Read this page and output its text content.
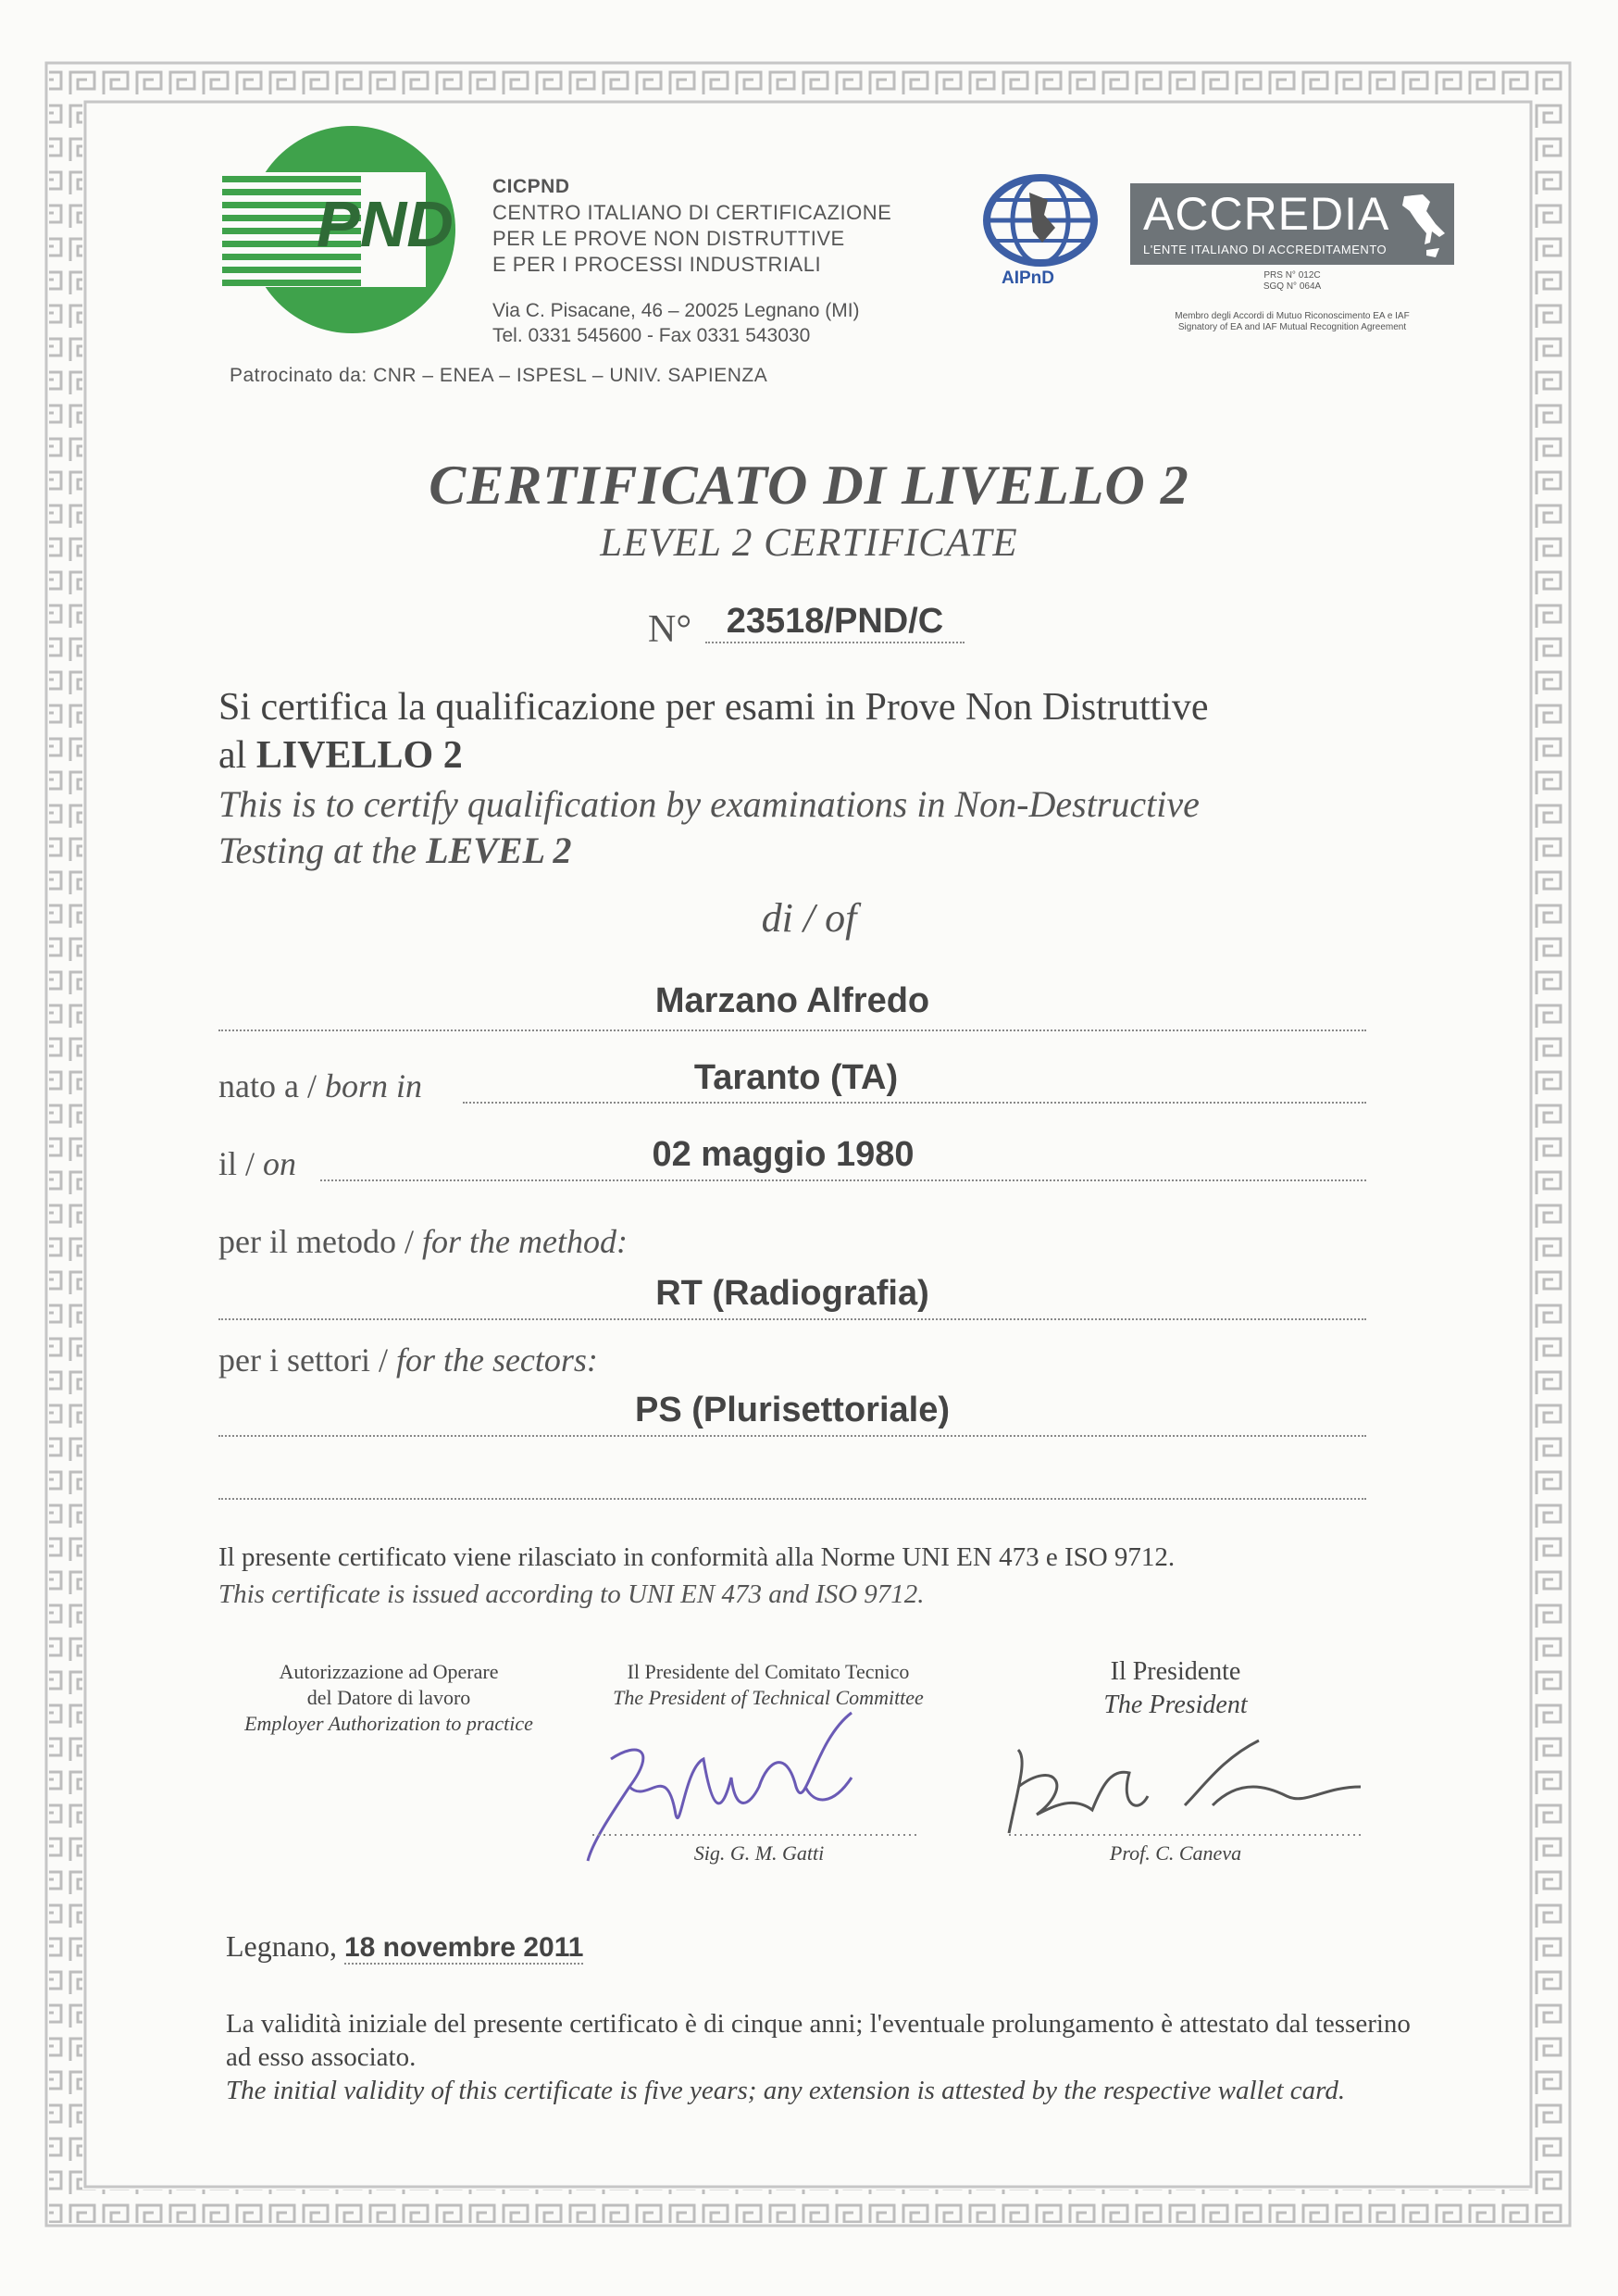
PND
CICPND
CENTRO ITALIANO DI CERTIFICAZIONE
PER LE PROVE NON DISTRUTTIVE
E PER I PROCESSI INDUSTRIALI
Via C. Pisacane, 46 – 20025 Legnano (MI)
Tel. 0331 545600 - Fax 0331 543030
Patrocinato da: CNR – ENEA – ISPESL – UNIV. SAPIENZA
AIPnD
ACCREDIA
L'ENTE ITALIANO DI ACCREDITAMENTO
PRS N° 012C
SGQ N° 064A
Membro degli Accordi di Mutuo Riconoscimento EA e IAF
Signatory of EA and IAF Mutual Recognition Agreement
CERTIFICATO DI LIVELLO 2
LEVEL 2 CERTIFICATE
N° 23518/PND/C
Si certifica la qualificazione per esami in Prove Non Distruttive
al LIVELLO 2
This is to certify qualification by examinations in Non-Destructive
Testing at the LEVEL 2
di / of
Marzano Alfredo
nato a / born in	Taranto (TA)
il / on	02 maggio 1980
per il metodo / for the method:
RT (Radiografia)
per i settori / for the sectors:
PS (Plurisettoriale)
Il presente certificato viene rilasciato in conformità alla Norme UNI EN 473 e ISO 9712.
This certificate is issued according to UNI EN 473 and ISO 9712.
Autorizzazione ad Operare
del Datore di lavoro
Employer Authorization to practice
Il Presidente del Comitato Tecnico
The President of Technical Committee
Il Presidente
The President
Sig. G. M. Gatti	Prof. C. Caneva
Legnano, 18 novembre 2011
La validità iniziale del presente certificato è di cinque anni; l'eventuale prolungamento è attestato dal tesserino ad esso associato.
The initial validity of this certificate is five years; any extension is attested by the respective wallet card.
